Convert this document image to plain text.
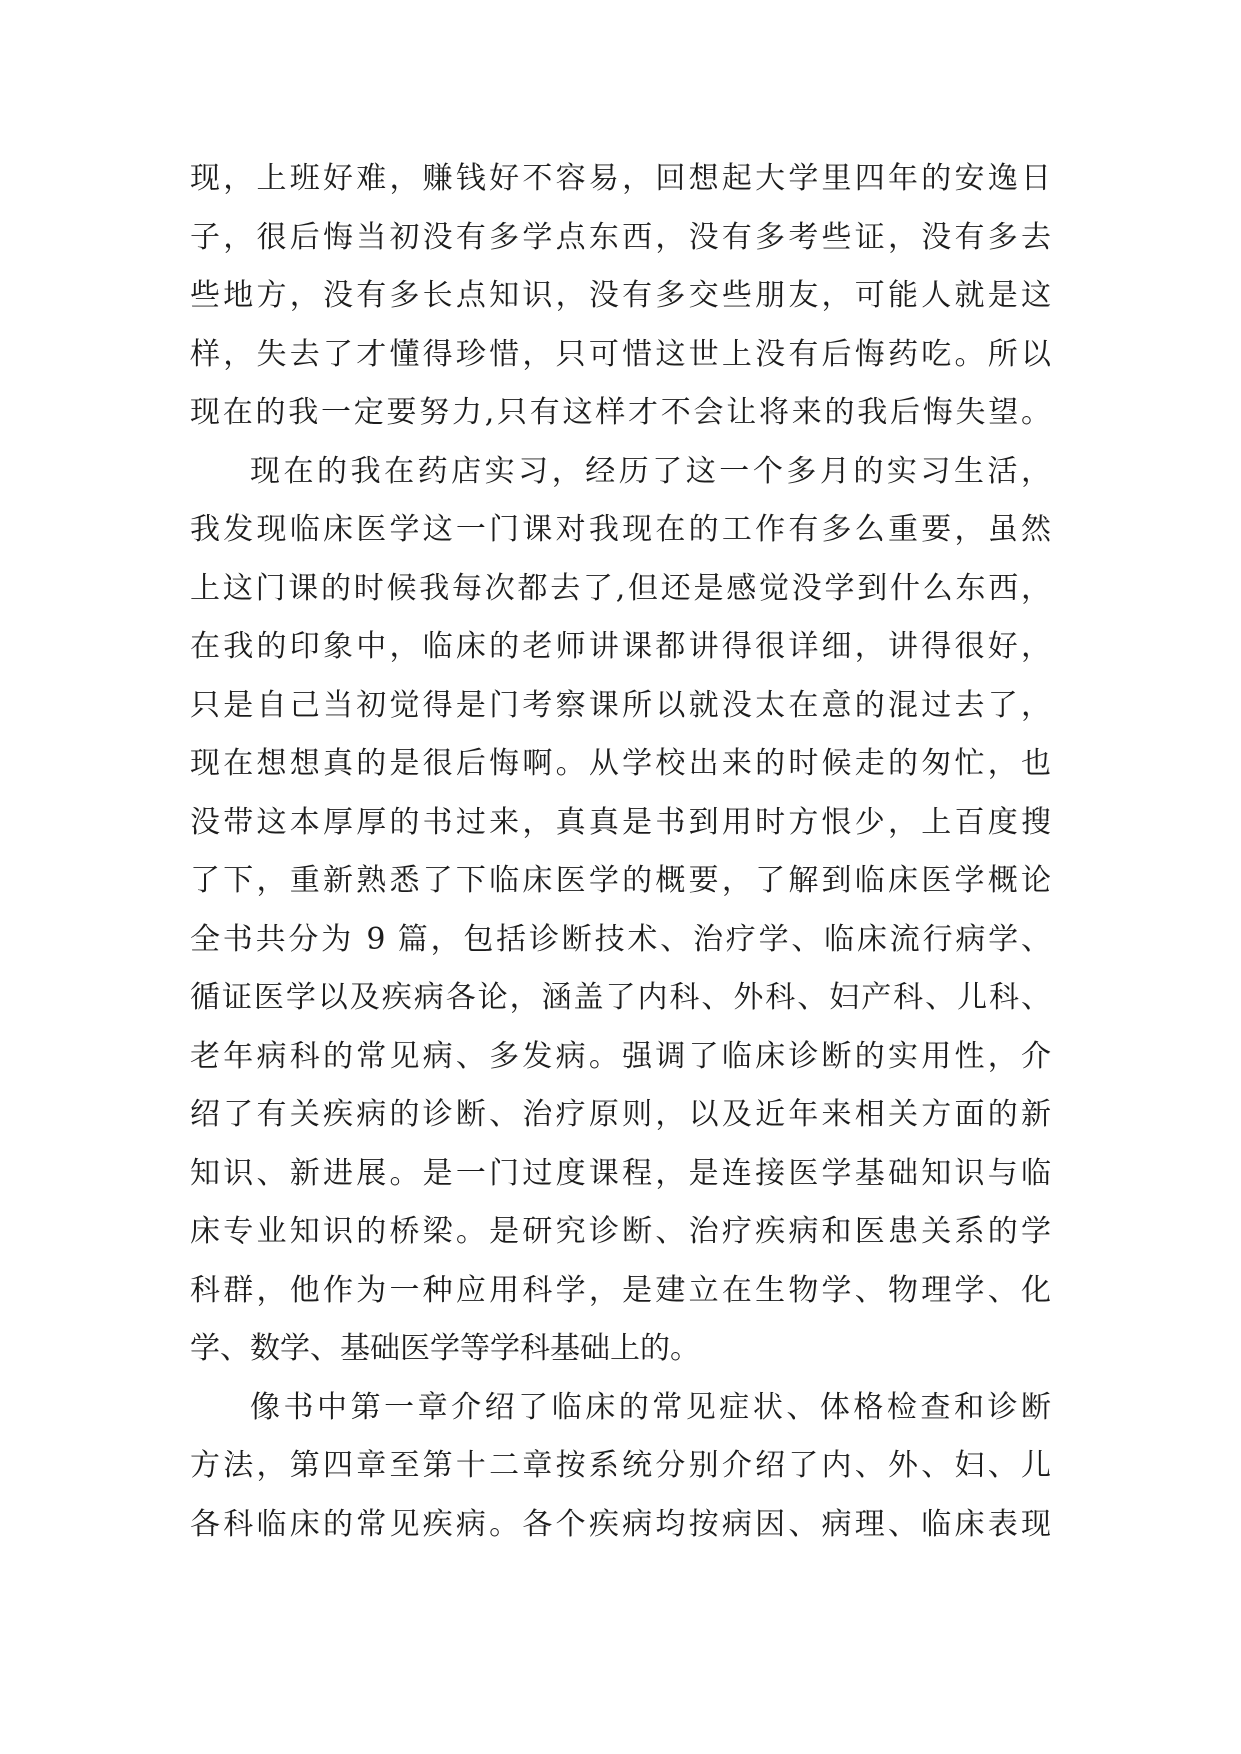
现，上班好难，赚钱好不容易，回想起大学里四年的安逸日
子，很后悔当初没有多学点东西，没有多考些证，没有多去
些地方，没有多长点知识，没有多交些朋友，可能人就是这
样，失去了才懂得珍惜，只可惜这世上没有后悔药吃。所以
现在的我一定要努力,只有这样才不会让将来的我后悔失望。
现在的我在药店实习，经历了这一个多月的实习生活，
我发现临床医学这一门课对我现在的工作有多么重要，虽然
上这门课的时候我每次都去了,但还是感觉没学到什么东西，
在我的印象中，临床的老师讲课都讲得很详细，讲得很好，
只是自己当初觉得是门考察课所以就没太在意的混过去了，
现在想想真的是很后悔啊。从学校出来的时候走的匆忙，也
没带这本厚厚的书过来，真真是书到用时方恨少，上百度搜
了下，重新熟悉了下临床医学的概要，了解到临床医学概论
全书共分为 9 篇，包括诊断技术、治疗学、临床流行病学、
循证医学以及疾病各论，涵盖了内科、外科、妇产科、儿科、
老年病科的常见病、多发病。强调了临床诊断的实用性，介
绍了有关疾病的诊断、治疗原则，以及近年来相关方面的新
知识、新进展。是一门过度课程，是连接医学基础知识与临
床专业知识的桥梁。是研究诊断、治疗疾病和医患关系的学
科群，他作为一种应用科学，是建立在生物学、物理学、化
学、数学、基础医学等学科基础上的。
像书中第一章介绍了临床的常见症状、体格检查和诊断
方法，第四章至第十二章按系统分别介绍了内、外、妇、儿
各科临床的常见疾病。各个疾病均按病因、病理、临床表现
